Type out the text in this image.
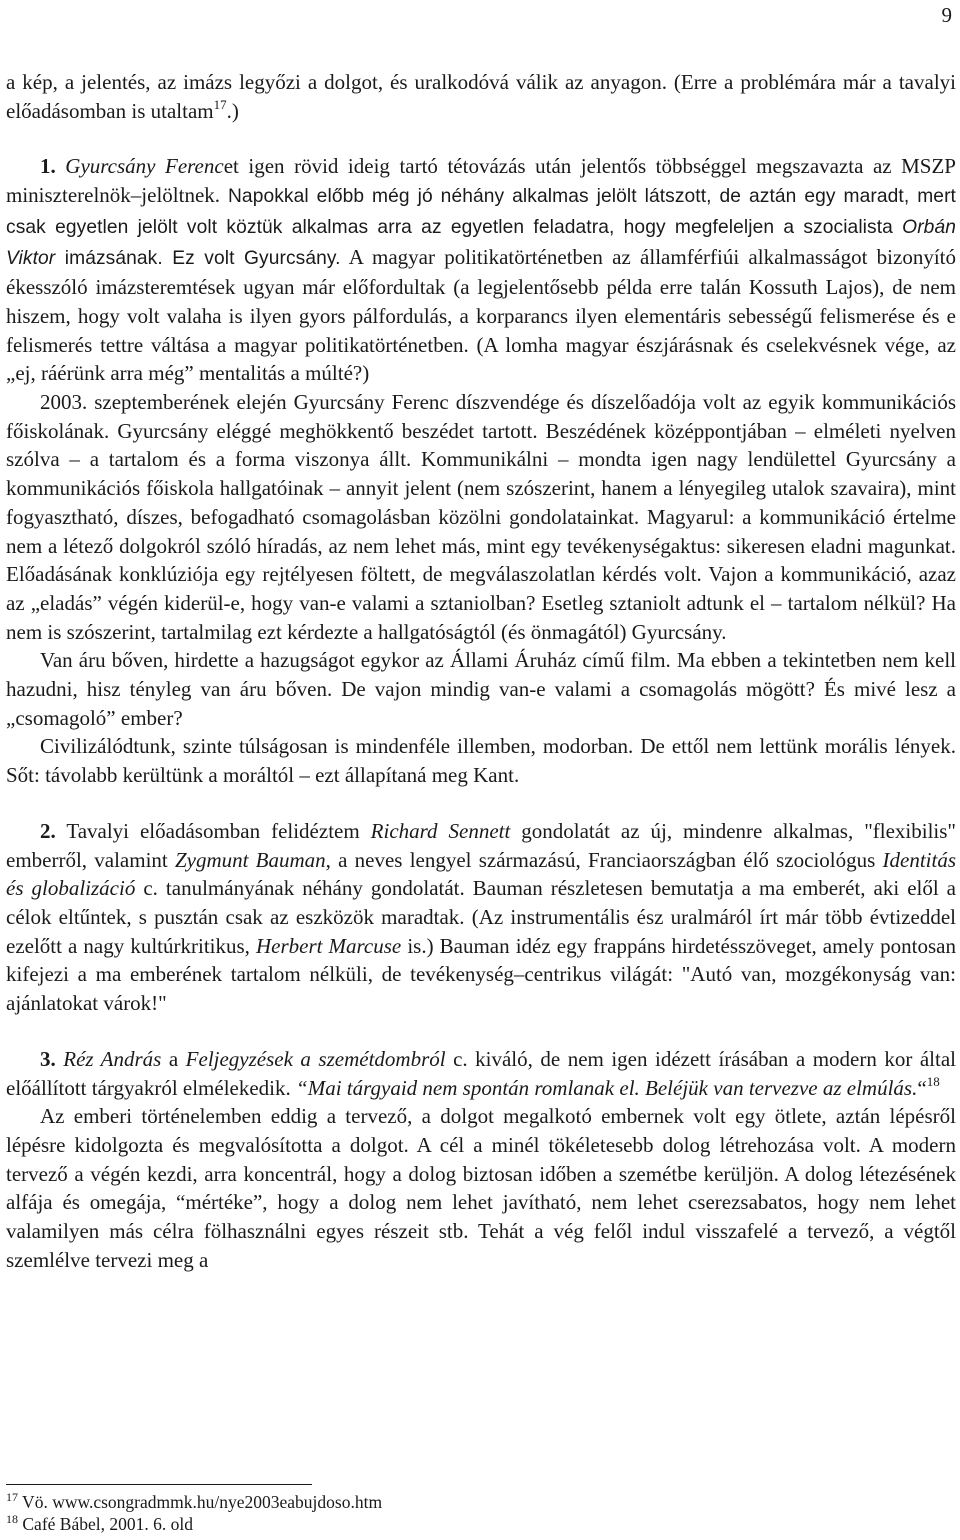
9

a kép, a jelentés, az imázs legyőzi a dolgot, és uralkodóvá válik az anyagon. (Erre a problémára már a tavalyi előadásomban is utaltam$^{17}$.)

1. Gyurcsány Ferencet igen rövid ideig tartó tétovázás után jelentős többséggel megszavazta az MSZP miniszterelnök–jelöltnek. Napokkal előbb még jó néhány alkalmas jelölt látszott, de aztán egy maradt, mert csak egyetlen jelölt volt köztük alkalmas arra az egyetlen feladatra, hogy megfeleljen a szocialista Orbán Viktor imázsának. Ez volt Gyurcsány. A magyar politikatörténetben az államférfiúi alkalmasságot bizonyító ékesszóló imázsteremtések ugyan már előfordultak (a legjelentősebb példa erre talán Kossuth Lajos), de nem hiszem, hogy volt valaha is ilyen gyors pálfordulás, a korparancs ilyen elementáris sebességű felismerése és e felismerés tettre váltása a magyar politikatörténetben. (A lomha magyar észjárásnak és cselekvésnek vége, az „ej, ráérünk arra még” mentalitás a múlté?)

2003. szeptemberének elején Gyurcsány Ferenc díszvendége és díszelőadója volt az egyik kommunikációs főiskolának. Gyurcsány eléggé meghökkentő beszédet tartott. Beszédének középpontjában – elméleti nyelven szólva – a tartalom és a forma viszonya állt. Kommunikálni – mondta igen nagy lendülettel Gyurcsány a kommunikációs főiskola hallgatóinak – annyit jelent (nem szószerint, hanem a lényegileg utalok szavaira), mint fogyasztható, díszes, befogadható csomagolásban közölni gondolatainkat. Magyarul: a kommunikáció értelme nem a létező dolgokról szóló híradás, az nem lehet más, mint egy tevékenységaktus: sikeresen eladni magunkat. Előadásának konklúziója egy rejtélyesen föltett, de megválaszolatlan kérdés volt. Vajon a kommunikáció, azaz az „eladás” végén kiderül-e, hogy van-e valami a sztaniolban? Esetleg sztaniolt adtunk el – tartalom nélkül? Ha nem is szószerint, tartalmilag ezt kérdezte a hallgatóságtól (és önmagától) Gyurcsány.

Van áru bőven, hirdette a hazugságot egykor az Állami Áruház című film. Ma ebben a tekintetben nem kell hazudni, hisz tényleg van áru bőven. De vajon mindig van-e valami a csomagolás mögött? És mivé lesz a „csomagoló” ember?

Civilizálódtunk, szinte túlságosan is mindenféle illemben, modorban. De ettől nem lettünk morális lények. Sőt: távolabb kerültünk a moráltól – ezt állapítaná meg Kant.

2. Tavalyi előadásomban felidéztem Richard Sennett gondolatát az új, mindenre alkalmas, "flexibilis" emberről, valamint Zygmunt Bauman, a neves lengyel származású, Franciaországban élő szociológus Identitás és globalizáció c. tanulmányának néhány gondolatát. Bauman részletesen bemutatja a ma emberét, aki elől a célok eltűntek, s pusztán csak az eszközök maradtak. (Az instrumentális ész uralmáról írt már több évtizeddel ezelőtt a nagy kultúrkritikus, Herbert Marcuse is.) Bauman idéz egy frappáns hirdetésszöveget, amely pontosan kifejezi a ma emberének tartalom nélküli, de tevékenység–centrikus világát: "Autó van, mozgékonyság van: ajánlatokat várok!"

3. Réz András a Feljegyzések a szemétdombról c. kiváló, de nem igen idézett írásában a modern kor által előállított tárgyakról elmélekedik. “Mai tárgyaid nem spontán romlanak el. Beléjük van tervezve az elmúlás.“$^{18}$

Az emberi történelemben eddig a tervező, a dolgot megalkotó embernek volt egy ötlete, aztán lépésről lépésre kidolgozta és megvalósította a dolgot. A cél a minél tökéletesebb dolog létrehozása volt. A modern tervező a végén kezdi, arra koncentrál, hogy a dolog biztosan időben a szemétbe kerüljön. A dolog létezésének alfája és omegája, “mértéke”, hogy a dolog nem lehet javítható, nem lehet cserezsabatos, hogy nem lehet valamilyen más célra fölhasználni egyes részeit stb. Tehát a vég felől indul visszafelé a tervező, a végtől szemlélve tervezi meg a

$^{17}$ Vö. www.csongradmmk.hu/nye2003eabujdoso.htm

$^{18}$ Café Bábel, 2001. 6. old
